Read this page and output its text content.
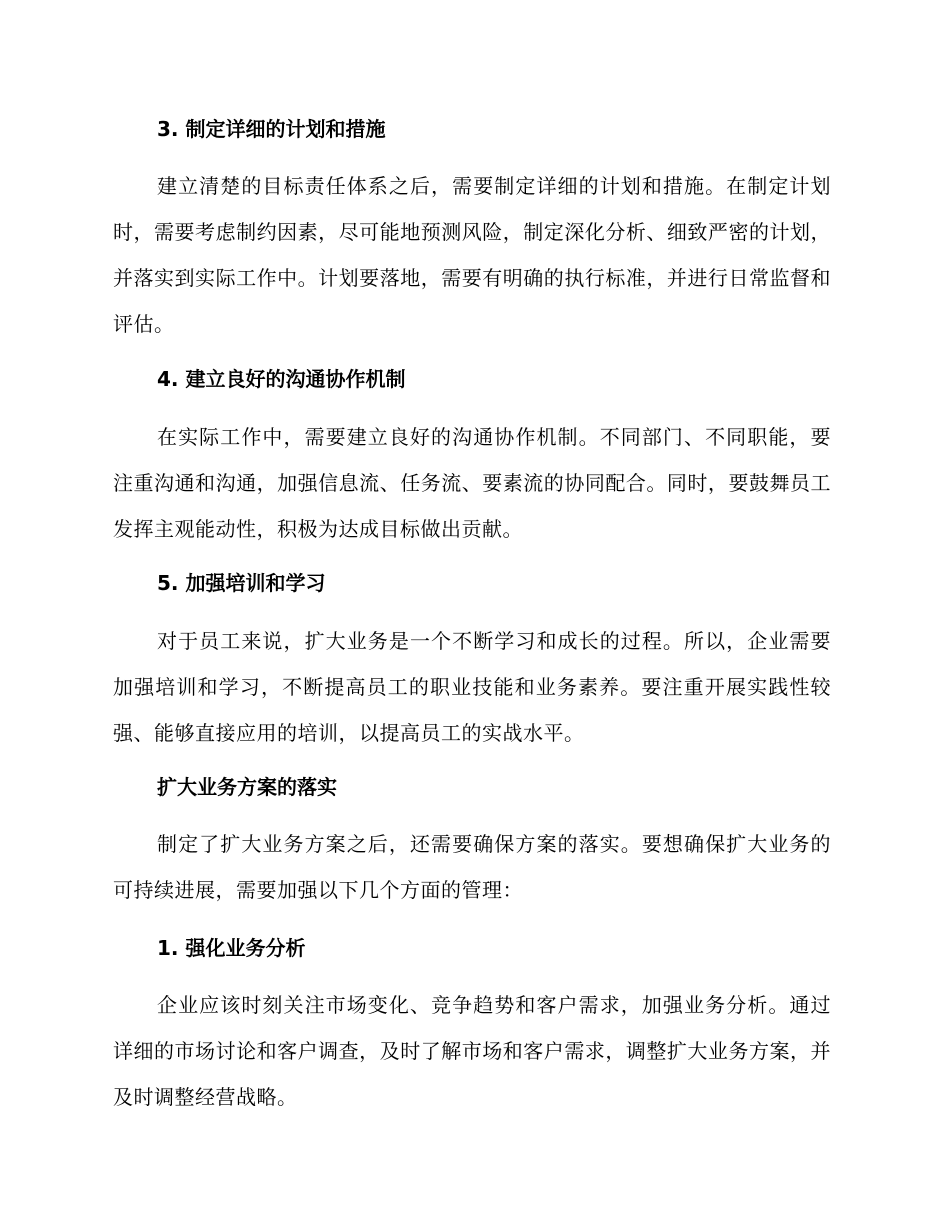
3. 制定详细的计划和措施

建立清楚的目标责任体系之后，需要制定详细的计划和措施。在制定计划时，需要考虑制约因素，尽可能地预测风险，制定深化分析、细致严密的计划，并落实到实际工作中。计划要落地，需要有明确的执行标准，并进行日常监督和评估。

4. 建立良好的沟通协作机制

在实际工作中，需要建立良好的沟通协作机制。不同部门、不同职能，要注重沟通和沟通，加强信息流、任务流、要素流的协同配合。同时，要鼓舞员工发挥主观能动性，积极为达成目标做出贡献。

5. 加强培训和学习

对于员工来说，扩大业务是一个不断学习和成长的过程。所以，企业需要加强培训和学习，不断提高员工的职业技能和业务素养。要注重开展实践性较强、能够直接应用的培训，以提高员工的实战水平。

扩大业务方案的落实

制定了扩大业务方案之后，还需要确保方案的落实。要想确保扩大业务的可持续进展，需要加强以下几个方面的管理：

1. 强化业务分析

企业应该时刻关注市场变化、竞争趋势和客户需求，加强业务分析。通过详细的市场讨论和客户调查，及时了解市场和客户需求，调整扩大业务方案，并及时调整经营战略。
